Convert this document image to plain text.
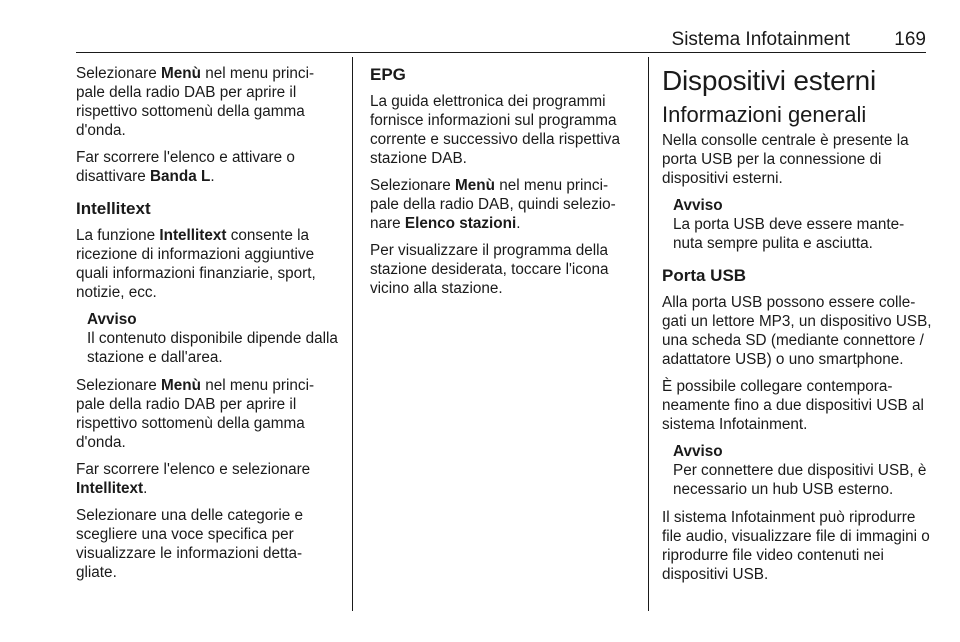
Sistema Infotainment 169

Selezionare Menù nel menu princi-pale della radio DAB per aprire il rispettivo sottomenù della gamma d'onda.

Far scorrere l'elenco e attivare o disattivare Banda L.

Intellitext

La funzione Intellitext consente la ricezione di informazioni aggiuntive quali informazioni finanziarie, sport, notizie, ecc.

Avviso
Il contenuto disponibile dipende dalla stazione e dall'area.

Selezionare Menù nel menu princi-pale della radio DAB per aprire il rispettivo sottomenù della gamma d'onda.

Far scorrere l'elenco e selezionare Intellitext.

Selezionare una delle categorie e scegliere una voce specifica per visualizzare le informazioni detta-gliate.

EPG

La guida elettronica dei programmi fornisce informazioni sul programma corrente e successivo della rispettiva stazione DAB.

Selezionare Menù nel menu princi-pale della radio DAB, quindi selezio-nare Elenco stazioni.

Per visualizzare il programma della stazione desiderata, toccare l'icona vicino alla stazione.

Dispositivi esterni
Informazioni generali

Nella consolle centrale è presente la porta USB per la connessione di dispositivi esterni.

Avviso
La porta USB deve essere mante-nuta sempre pulita e asciutta.
Porta USB

Alla porta USB possono essere colle-gati un lettore MP3, un dispositivo USB, una scheda SD (mediante connettore / adattatore USB) o uno smartphone.

È possibile collegare contempora-neamente fino a due dispositivi USB al sistema Infotainment.

Avviso
Per connettere due dispositivi USB, è necessario un hub USB esterno.

Il sistema Infotainment può riprodurre file audio, visualizzare file di immagini o riprodurre file video contenuti nei dispositivi USB.
